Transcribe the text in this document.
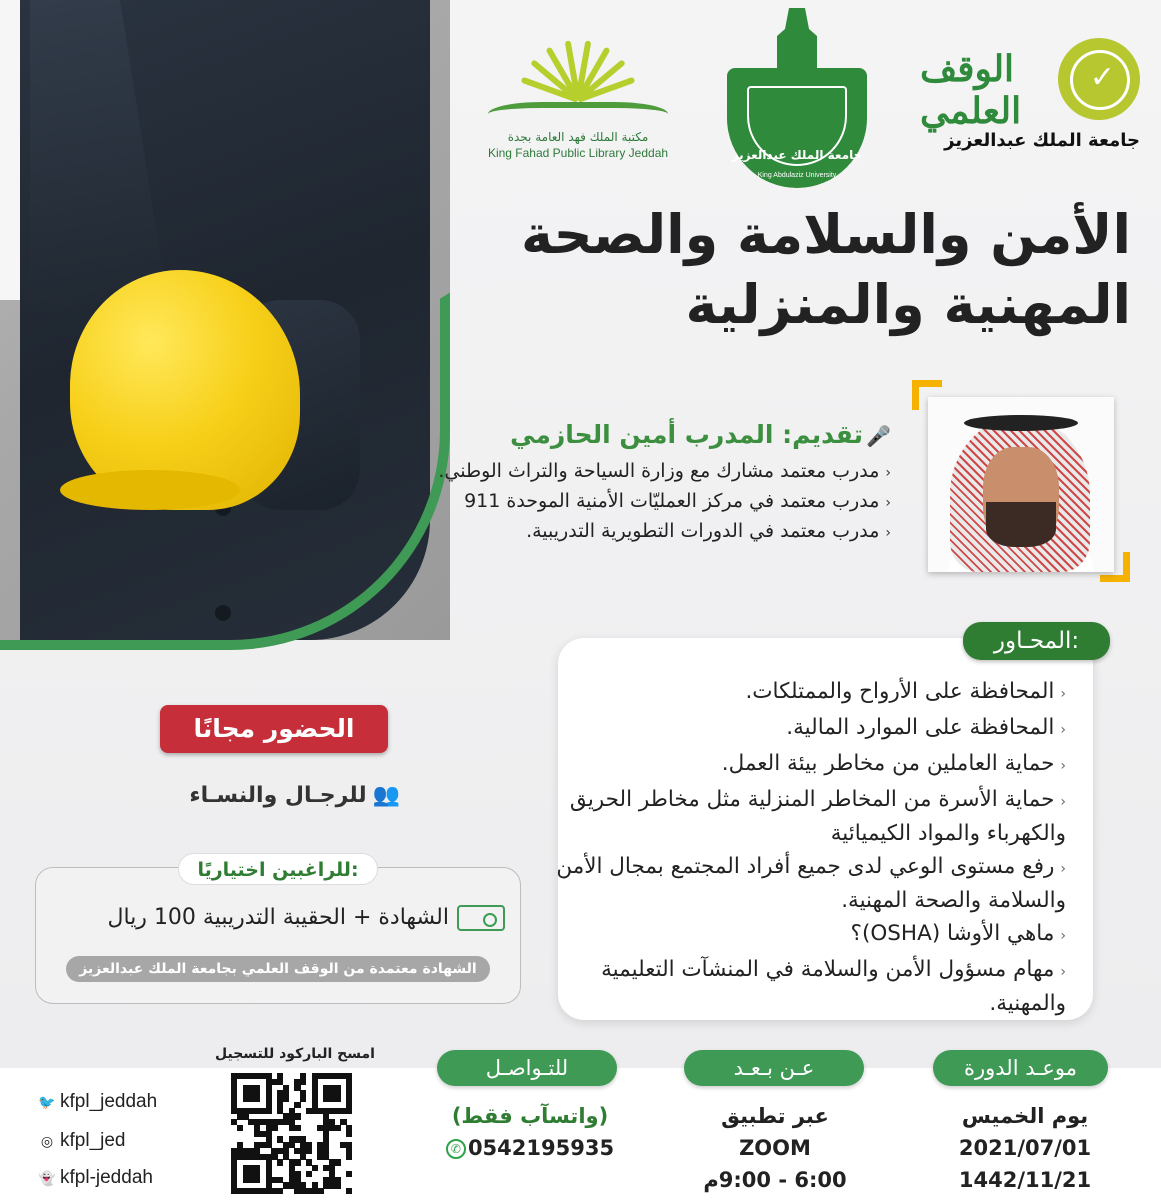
مكتبة الملك فهد العامة بجدة
King Fahad Public Library Jeddah	جامعة الملك عبدالعزيز
King Abdulaziz University
✓
الوقف العلمي
جامعة الملك عبدالعزيز
الأمن والسلامة والصحة
المهنية والمنزلية
🎤تقديم: المدرب أمين الحازمي
‹مدرب معتمد مشارك مع وزارة السياحة والتراث الوطني.
‹مدرب معتمد في مركز العمليّات الأمنية الموحدة 911
‹مدرب معتمد في الدورات التطويرية التدريبية.
المحـاور:
‹المحافظة على الأرواح والممتلكات.
‹المحافظة على الموارد المالية.
‹حماية العاملين من مخاطر بيئة العمل.
‹حماية الأسرة من المخاطر المنزلية مثل مخاطر الحريق والكهرباء والمواد الكيميائية
‹رفع مستوى الوعي لدى جميع أفراد المجتمع بمجال الأمن والسلامة والصحة المهنية.
‹ماهي الأوشا (OSHA)؟
‹مهام مسؤول الأمن والسلامة في المنشآت التعليمية والمهنية.
الحضور مجانًا
👥للرجـال والنسـاء
للراغبين اختياريًا:
الشهادة + الحقيبة التدريبية 100 ريال
الشهادة معتمدة من الوقف العلمي بجامعة الملك عبدالعزيز
موعـد الدورة
يوم الخميس
2021/07/01
1442/11/21
عـن بـعـد
عبر تطبيق
ZOOM
6:00 - 9:00م
للتـواصـل
(واتسآب فقط)
0542195935✆
امسح الباركود للتسجيل
🐦 kfpl_jeddah
◎ kfpl_jed
👻 kfpl-jeddah
